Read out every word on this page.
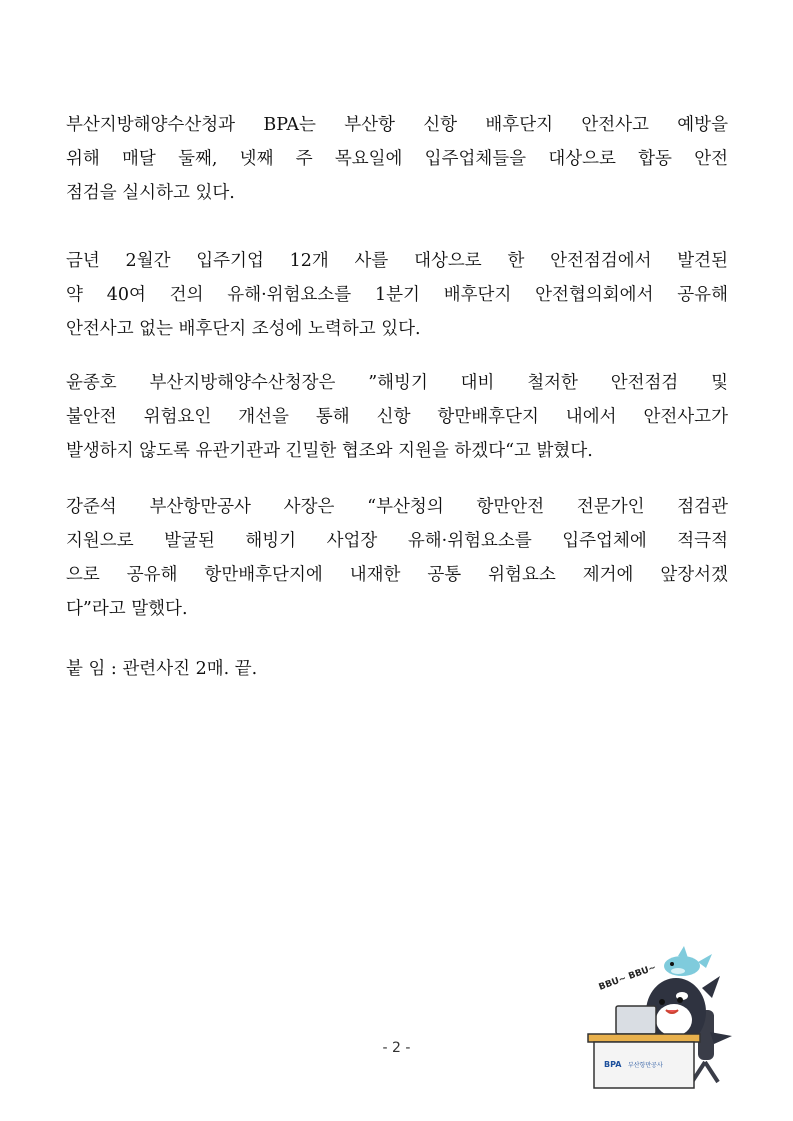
부산지방해양수산청과 BPA는 부산항 신항 배후단지 안전사고 예방을
위해 매달 둘째, 넷째 주 목요일에 입주업체들을 대상으로 합동 안전
점검을 실시하고 있다.
금년 2월간 입주기업 12개 사를 대상으로 한 안전점검에서 발견된
약 40여 건의 유해·위험요소를 1분기 배후단지 안전협의회에서 공유해
안전사고 없는 배후단지 조성에 노력하고 있다.
윤종호 부산지방해양수산청장은 ”해빙기 대비 철저한 안전점검 및
불안전 위험요인 개선을 통해 신항 항만배후단지 내에서 안전사고가
발생하지 않도록 유관기관과 긴밀한 협조와 지원을 하겠다“고 밝혔다.
강준석 부산항만공사 사장은 “부산청의 항만안전 전문가인 점검관
지원으로 발굴된 해빙기 사업장 유해·위험요소를 입주업체에 적극적
으로 공유해 항만배후단지에 내재한 공통 위험요소 제거에 앞장서겠
다”라고 말했다.

붙 임 : 관련사진 2매. 끝.

BBU~ BBU~
BPA 부산항만공사
- 2 -
